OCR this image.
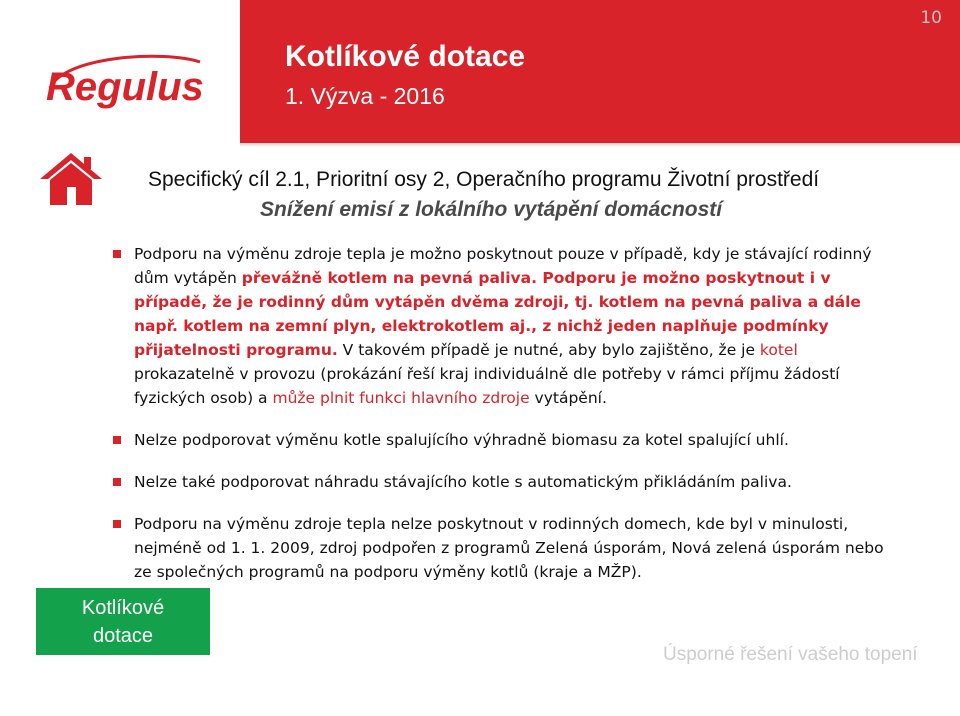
10
Regulus
Kotlíkové dotace
1. Výzva - 2016
Specifický cíl 2.1, Prioritní osy 2, Operačního programu Životní prostředí
Snížení emisí z lokálního vytápění domácností
Podporu na výměnu zdroje tepla je možno poskytnout pouze v případě, kdy je stávající rodinný dům vytápěn převážně kotlem na pevná paliva. Podporu je možno poskytnout i v případě, že je rodinný dům vytápěn dvěma zdroji, tj. kotlem na pevná paliva a dále např. kotlem na zemní plyn, elektrokotlem aj., z nichž jeden naplňuje podmínky přijatelnosti programu. V takovém případě je nutné, aby bylo zajištěno, že je kotel prokazatelně v provozu (prokázání řeší kraj individuálně dle potřeby v rámci příjmu žádostí fyzických osob) a může plnit funkci hlavního zdroje vytápění.
Nelze podporovat výměnu kotle spalujícího výhradně biomasu za kotel spalující uhlí.
Nelze také podporovat náhradu stávajícího kotle s automatickým přikládáním paliva.
Podporu na výměnu zdroje tepla nelze poskytnout v rodinných domech, kde byl v minulosti, nejméně od 1. 1. 2009, zdroj podpořen z programů Zelená úsporám, Nová zelená úsporám nebo ze společných programů na podporu výměny kotlů (kraje a MŽP).
Kotlíkové
dotace
Úsporné řešení vašeho topení
